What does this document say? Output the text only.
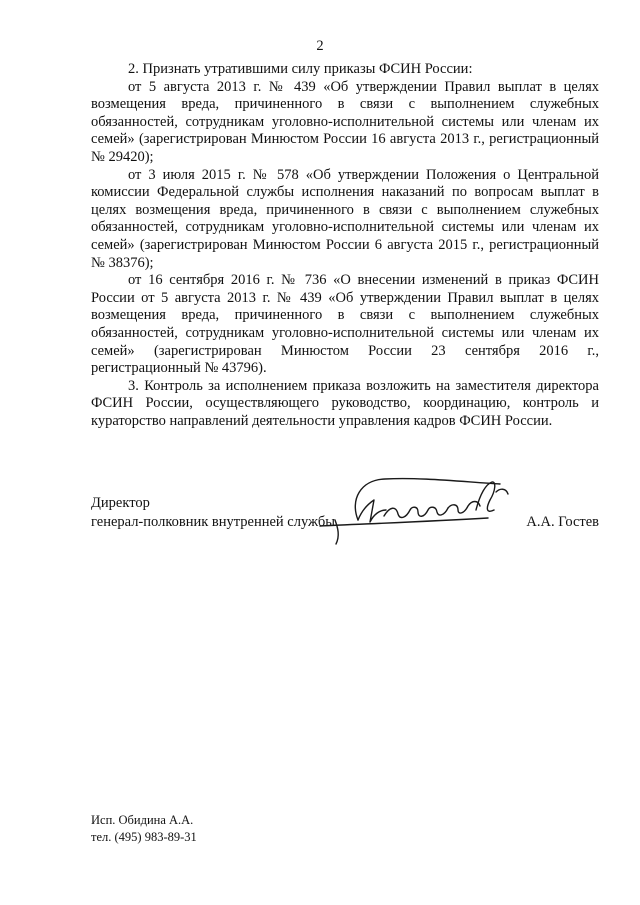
2

2. Признать утратившими силу приказы ФСИН России:

от 5 августа 2013 г. № 439 «Об утверждении Правил выплат в целях возмещения вреда, причиненного в связи с выполнением служебных обязанностей, сотрудникам уголовно-исполнительной системы или членам их семей» (зарегистрирован Минюстом России 16 августа 2013 г., регистрационный № 29420);

от 3 июля 2015 г. № 578 «Об утверждении Положения о Центральной комиссии Федеральной службы исполнения наказаний по вопросам выплат в целях возмещения вреда, причиненного в связи с выполнением служебных обязанностей, сотрудникам уголовно-исполнительной системы или членам их семей» (зарегистрирован Минюстом России 6 августа 2015 г., регистрационный № 38376);

от 16 сентября 2016 г. № 736 «О внесении изменений в приказ ФСИН России от 5 августа 2013 г. № 439 «Об утверждении Правил выплат в целях возмещения вреда, причиненного в связи с выполнением служебных обязанностей, сотрудникам уголовно-исполнительной системы или членам их семей» (зарегистрирован Минюстом России 23 сентября 2016 г., регистрационный № 43796).

3. Контроль за исполнением приказа возложить на заместителя директора ФСИН России, осуществляющего руководство, координацию, контроль и кураторство направлений деятельности управления кадров ФСИН России.

Директор
генерал-полковник внутренней службы	А.А. Гостев
Исп. Обидина А.А.
тел. (495) 983-89-31
